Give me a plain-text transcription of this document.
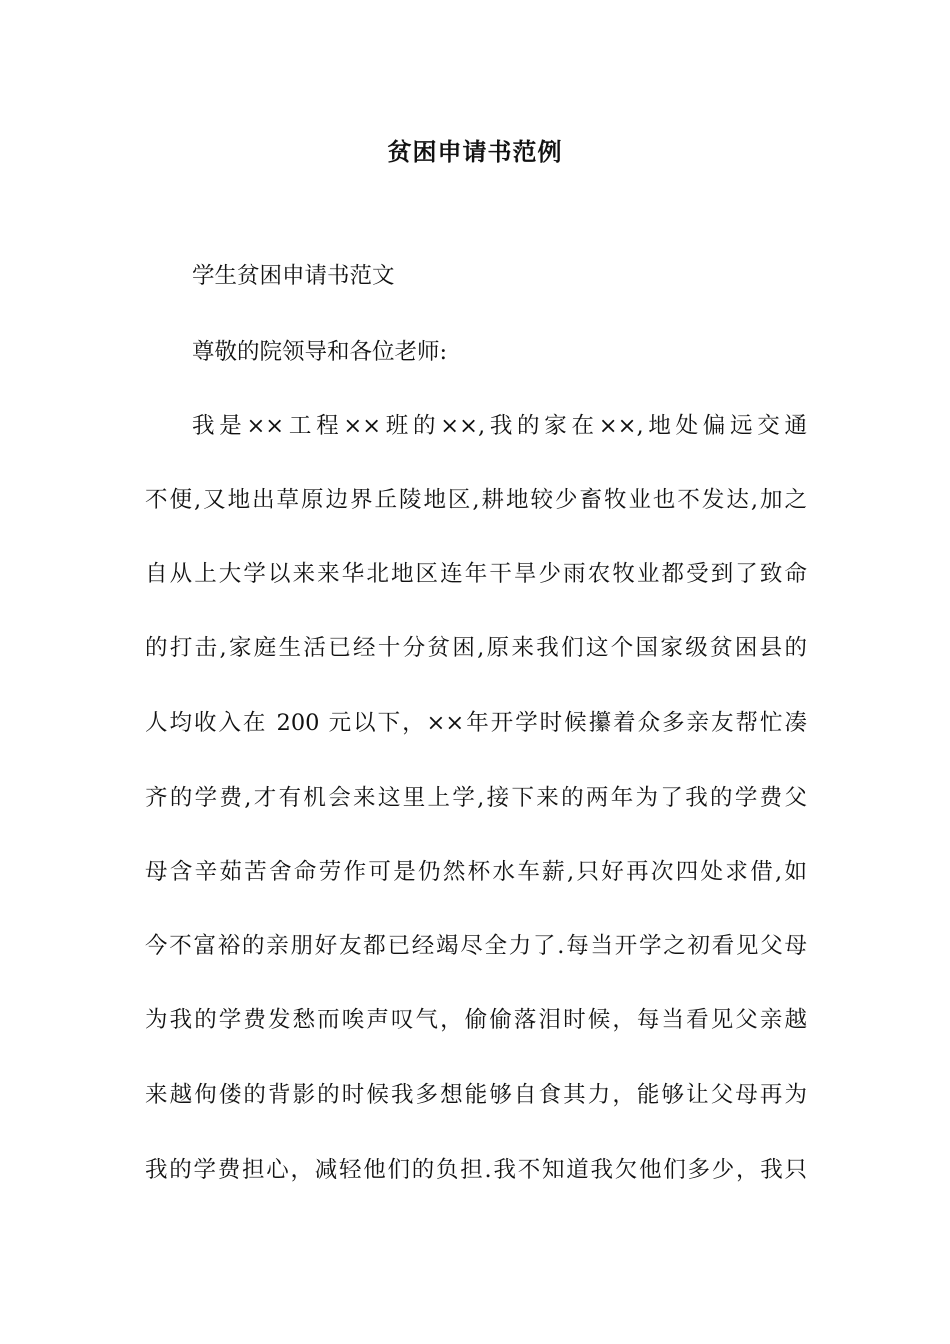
贫困申请书范例
学生贫困申请书范文
尊敬的院领导和各位老师:
我是××工程××班的××,我的家在××,地处偏远交通
不便,又地出草原边界丘陵地区,耕地较少畜牧业也不发达,加之
自从上大学以来来华北地区连年干旱少雨农牧业都受到了致命
的打击,家庭生活已经十分贫困,原来我们这个国家级贫困县的
人均收入在 200 元以下，××年开学时候攥着众多亲友帮忙凑
齐的学费,才有机会来这里上学,接下来的两年为了我的学费父
母含辛茹苦舍命劳作可是仍然杯水车薪,只好再次四处求借,如
今不富裕的亲朋好友都已经竭尽全力了.每当开学之初看见父母
为我的学费发愁而唉声叹气，偷偷落泪时候，每当看见父亲越
来越佝偻的背影的时候我多想能够自食其力，能够让父母再为
我的学费担心，减轻他们的负担.我不知道我欠他们多少，我只
